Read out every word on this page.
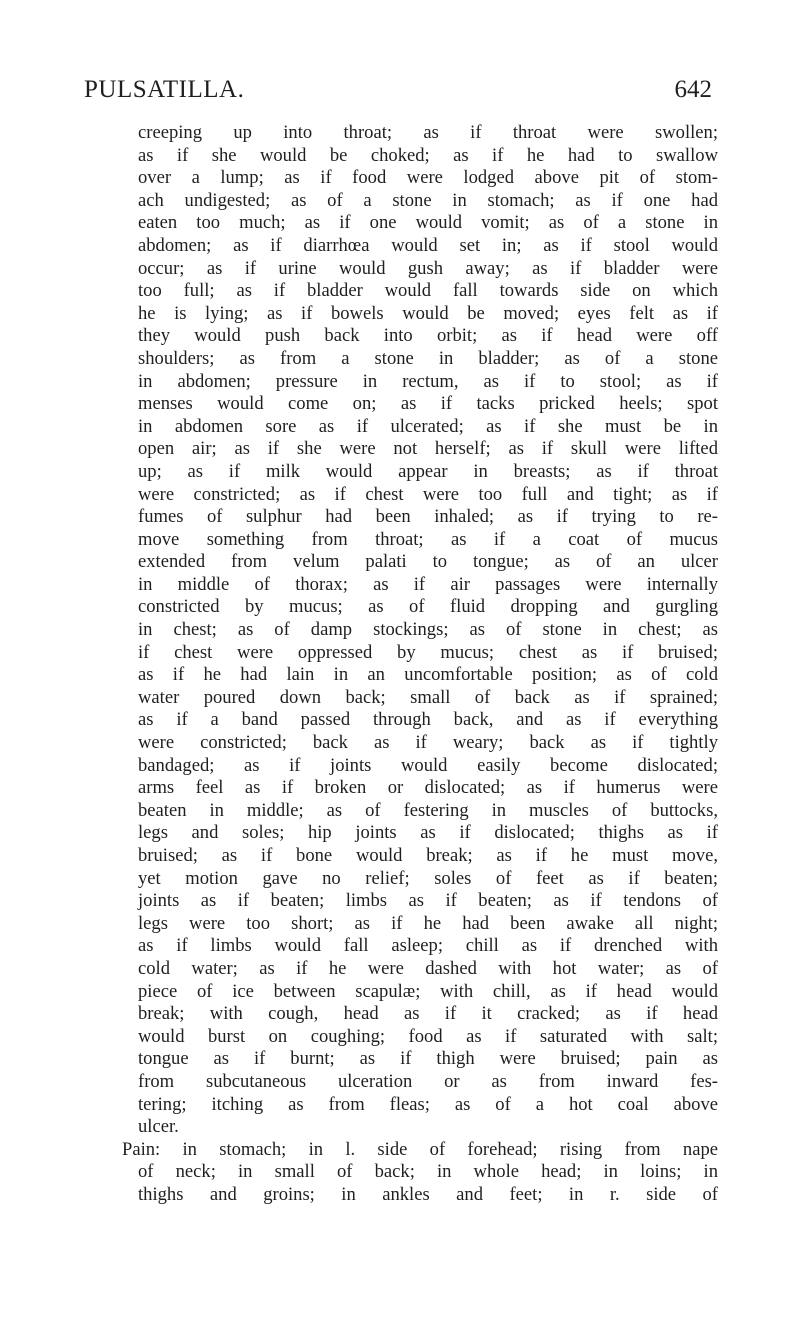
PULSATILLA.	642
creeping up into throat; as if throat were swollen;
as if she would be choked; as if he had to swallow
over a lump; as if food were lodged above pit of stom-
ach undigested; as of a stone in stomach; as if one had
eaten too much; as if one would vomit; as of a stone in
abdomen; as if diarrhœa would set in; as if stool would
occur; as if urine would gush away; as if bladder were
too full; as if bladder would fall towards side on which
he is lying; as if bowels would be moved; eyes felt as if
they would push back into orbit; as if head were off
shoulders; as from a stone in bladder; as of a stone
in abdomen; pressure in rectum, as if to stool; as if
menses would come on; as if tacks pricked heels; spot
in abdomen sore as if ulcerated; as if she must be in
open air; as if she were not herself; as if skull were lifted
up; as if milk would appear in breasts; as if throat
were constricted; as if chest were too full and tight; as if
fumes of sulphur had been inhaled; as if trying to re-
move something from throat; as if a coat of mucus
extended from velum palati to tongue; as of an ulcer
in middle of thorax; as if air passages were internally
constricted by mucus; as of fluid dropping and gurgling
in chest; as of damp stockings; as of stone in chest; as
if chest were oppressed by mucus; chest as if bruised;
as if he had lain in an uncomfortable position; as of cold
water poured down back; small of back as if sprained;
as if a band passed through back, and as if everything
were constricted; back as if weary; back as if tightly
bandaged; as if joints would easily become dislocated;
arms feel as if broken or dislocated; as if humerus were
beaten in middle; as of festering in muscles of buttocks,
legs and soles; hip joints as if dislocated; thighs as if
bruised; as if bone would break; as if he must move,
yet motion gave no relief; soles of feet as if beaten;
joints as if beaten; limbs as if beaten; as if tendons of
legs were too short; as if he had been awake all night;
as if limbs would fall asleep; chill as if drenched with
cold water; as if he were dashed with hot water; as of
piece of ice between scapulæ; with chill, as if head would
break; with cough, head as if it cracked; as if head
would burst on coughing; food as if saturated with salt;
tongue as if burnt; as if thigh were bruised; pain as
from subcutaneous ulceration or as from inward fes-
tering; itching as from fleas; as of a hot coal above
ulcer.
Pain: in stomach; in l. side of forehead; rising from nape
of neck; in small of back; in whole head; in loins; in
thighs and groins; in ankles and feet; in r. side of
